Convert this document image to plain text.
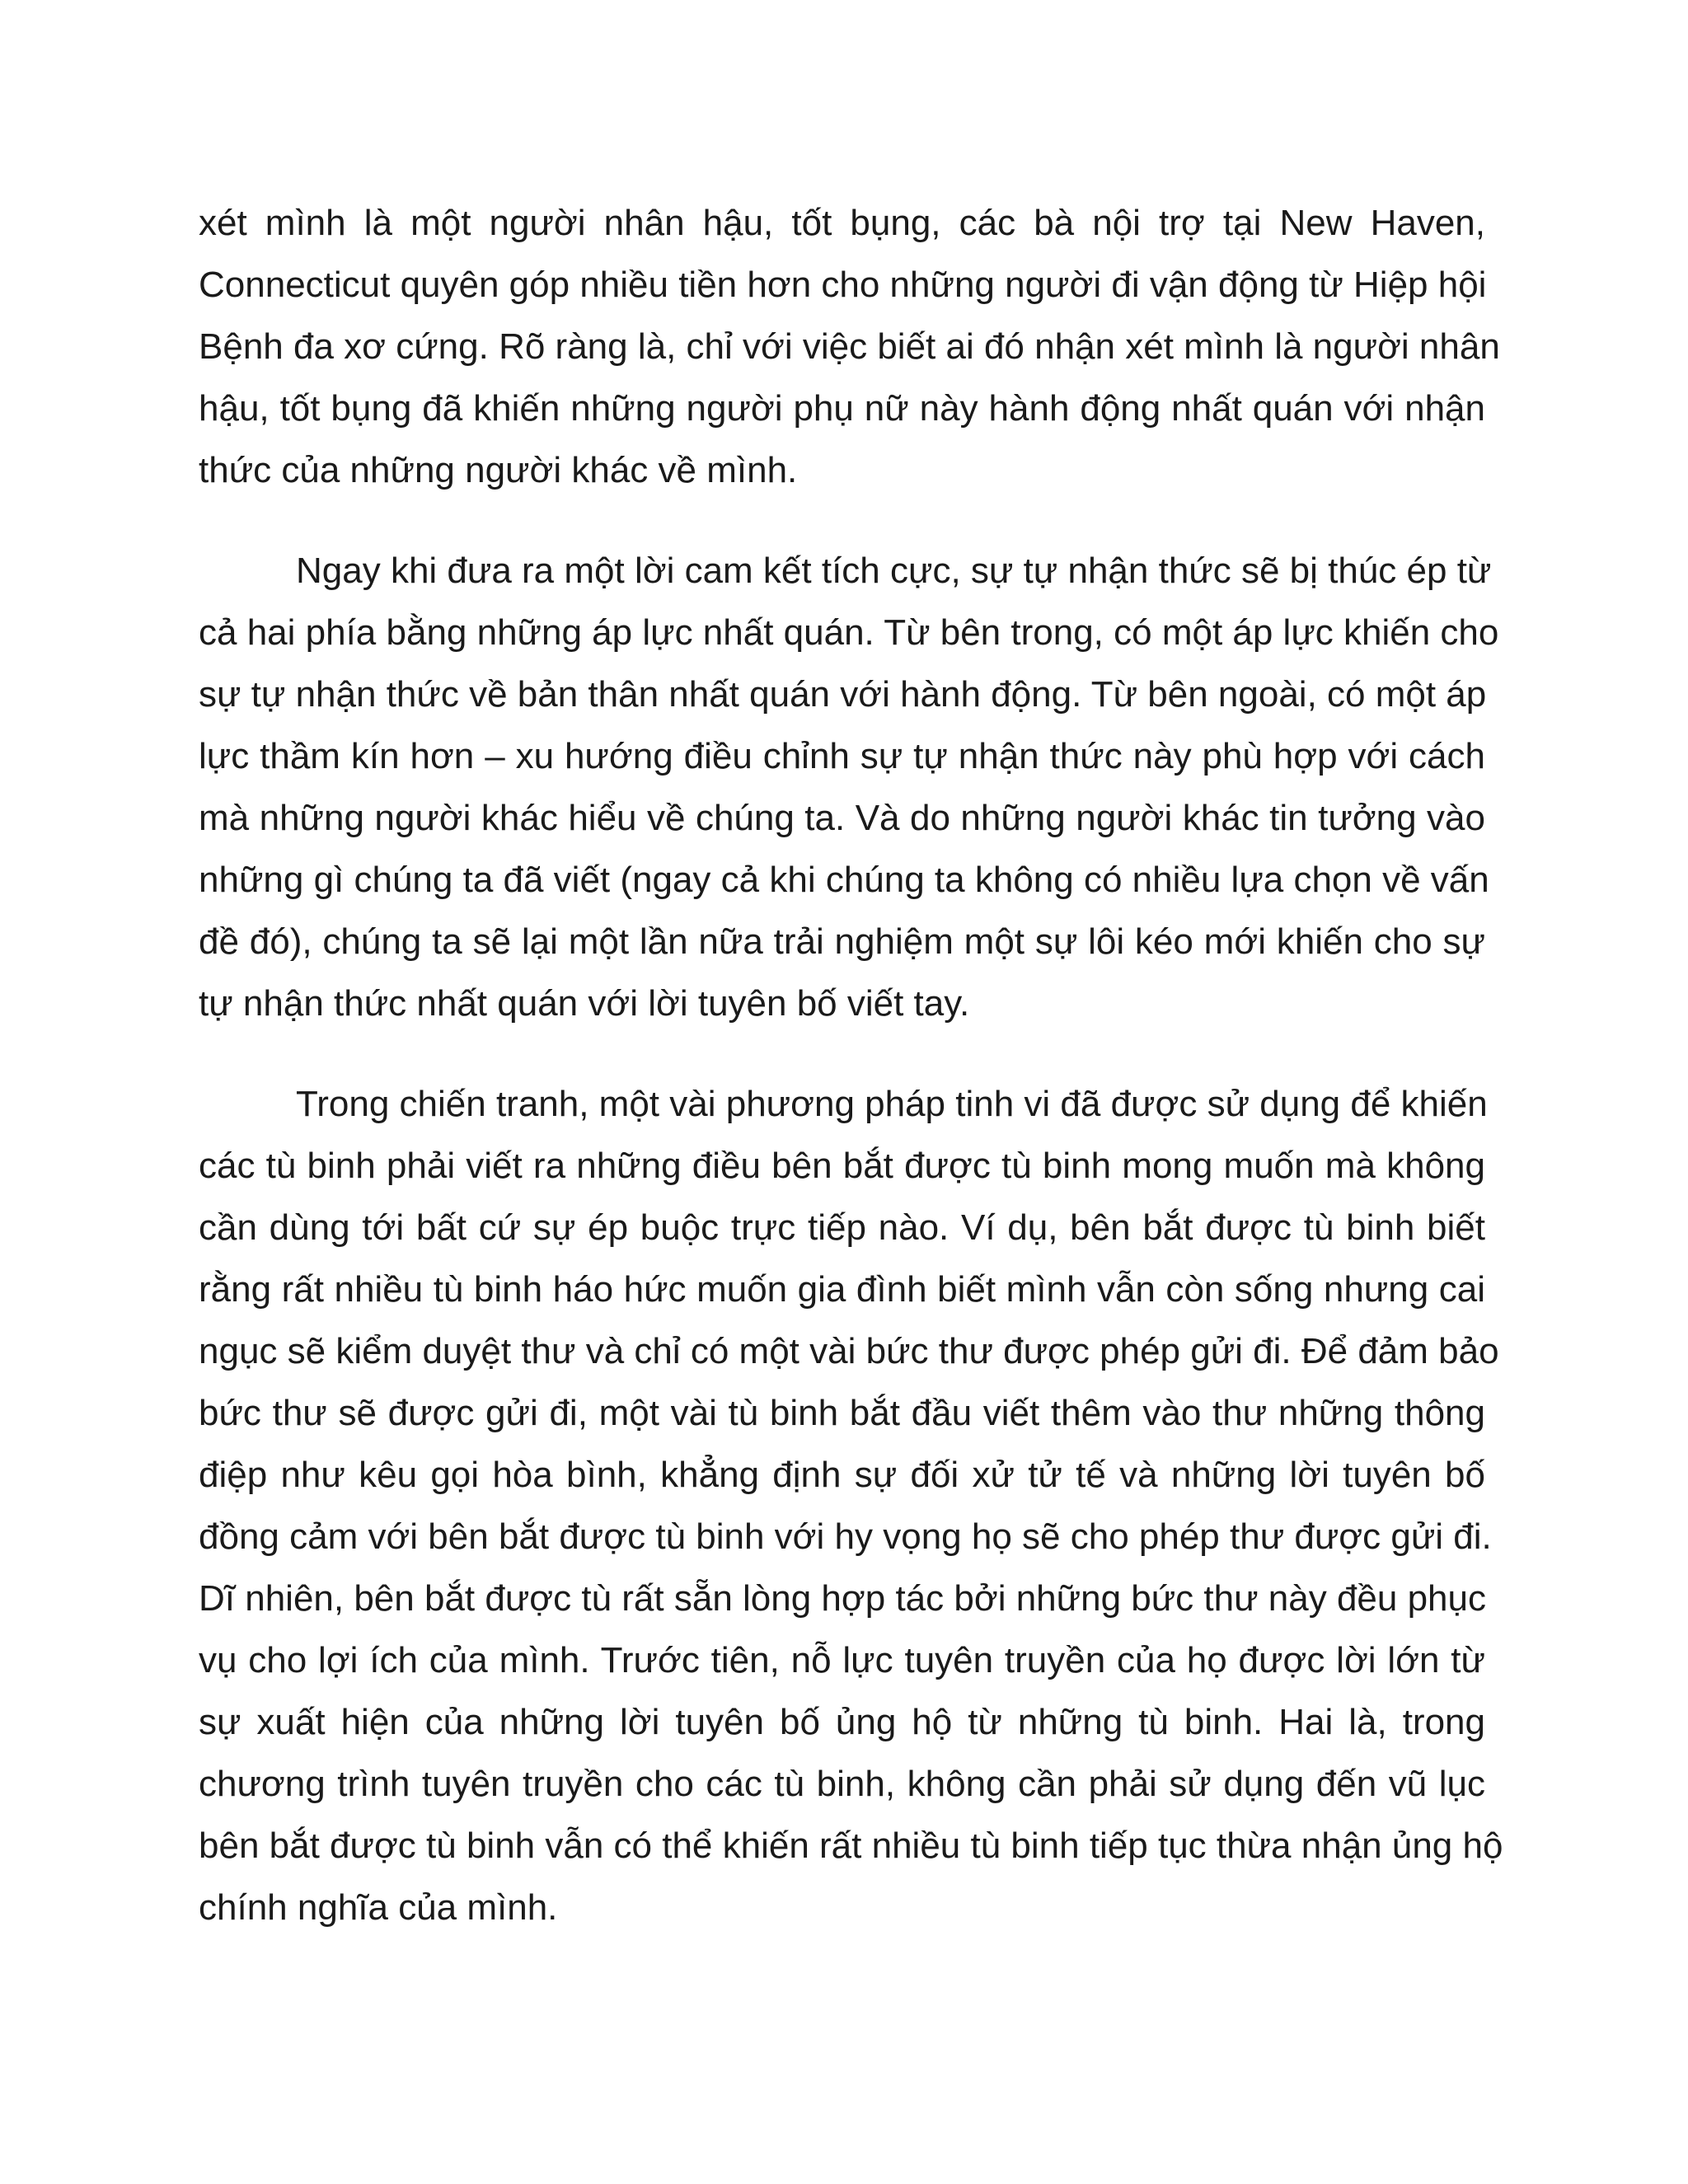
xét mình là một người nhân hậu, tốt bụng, các bà nội trợ tại New Haven,
Connecticut quyên góp nhiều tiền hơn cho những người đi vận động từ Hiệp hội
Bệnh đa xơ cứng. Rõ ràng là, chỉ với việc biết ai đó nhận xét mình là người nhân
hậu, tốt bụng đã khiến những người phụ nữ này hành động nhất quán với nhận
thức của những người khác về mình.
Ngay khi đưa ra một lời cam kết tích cực, sự tự nhận thức sẽ bị thúc ép từ
cả hai phía bằng những áp lực nhất quán. Từ bên trong, có một áp lực khiến cho
sự tự nhận thức về bản thân nhất quán với hành động. Từ bên ngoài, có một áp
lực thầm kín hơn – xu hướng điều chỉnh sự tự nhận thức này phù hợp với cách
mà những người khác hiểu về chúng ta. Và do những người khác tin tưởng vào
những gì chúng ta đã viết (ngay cả khi chúng ta không có nhiều lựa chọn về vấn
đề đó), chúng ta sẽ lại một lần nữa trải nghiệm một sự lôi kéo mới khiến cho sự
tự nhận thức nhất quán với lời tuyên bố viết tay.
Trong chiến tranh, một vài phương pháp tinh vi đã được sử dụng để khiến
các tù binh phải viết ra những điều bên bắt được tù binh mong muốn mà không
cần dùng tới bất cứ sự ép buộc trực tiếp nào. Ví dụ, bên bắt được tù binh biết
rằng rất nhiều tù binh háo hức muốn gia đình biết mình vẫn còn sống nhưng cai
ngục sẽ kiểm duyệt thư và chỉ có một vài bức thư được phép gửi đi. Để đảm bảo
bức thư sẽ được gửi đi, một vài tù binh bắt đầu viết thêm vào thư những thông
điệp như kêu gọi hòa bình, khẳng định sự đối xử tử tế và những lời tuyên bố
đồng cảm với bên bắt được tù binh với hy vọng họ sẽ cho phép thư được gửi đi.
Dĩ nhiên, bên bắt được tù rất sẵn lòng hợp tác bởi những bức thư này đều phục
vụ cho lợi ích của mình. Trước tiên, nỗ lực tuyên truyền của họ được lời lớn từ
sự xuất hiện của những lời tuyên bố ủng hộ từ những tù binh. Hai là, trong
chương trình tuyên truyền cho các tù binh, không cần phải sử dụng đến vũ lục
bên bắt được tù binh vẫn có thể khiến rất nhiều tù binh tiếp tục thừa nhận ủng hộ
chính nghĩa của mình.
